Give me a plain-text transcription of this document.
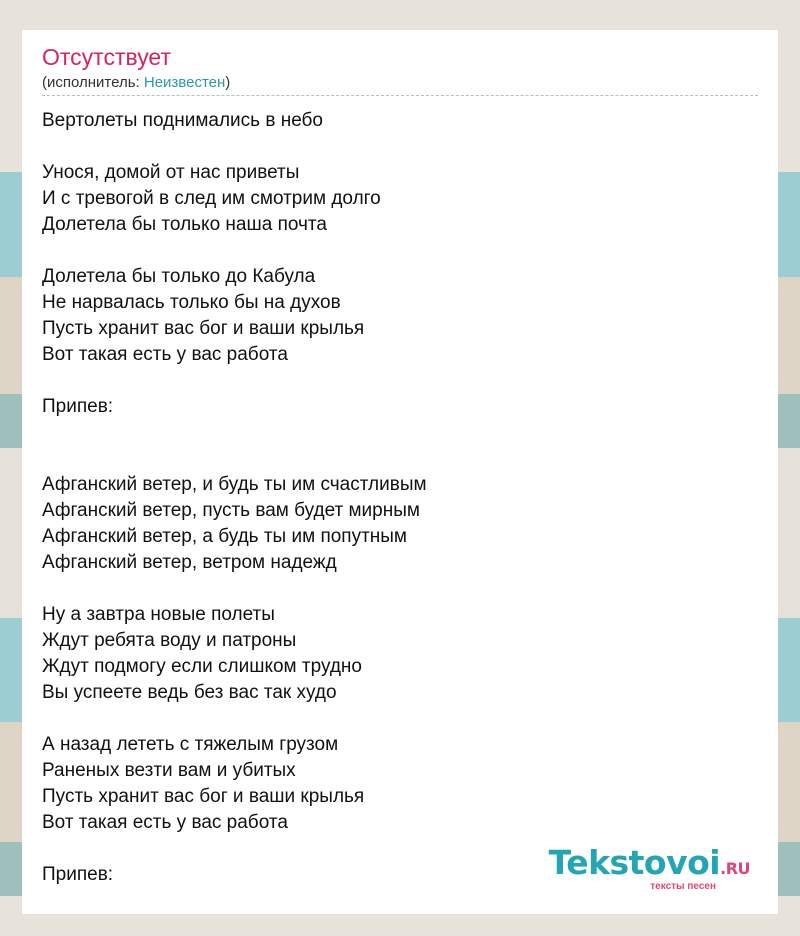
Отсутствует
(исполнитель: Неизвестен)
Вертолеты поднимались в небо
Унося, домой от нас приветы
И с тревогой в след им смотрим долго
Долетела бы только наша почта
Долетела бы только до Кабула
Не нарвалась только бы на духов
Пусть хранит вас бог и ваши крылья
Вот такая есть у вас работа
Припев:
Афганский ветер, и будь ты им счастливым
Афганский ветер, пусть вам будет мирным
Афганский ветер, а будь ты им попутным
Афганский ветер, ветром надежд
Ну а завтра новые полеты
Ждут ребята воду и патроны
Ждут подмогу если слишком трудно
Вы успеете ведь без вас так худо
А назад лететь с тяжелым грузом
Раненых везти вам и убитых
Пусть хранит вас бог и ваши крылья
Вот такая есть у вас работа
Припев:	Tekstovoi.RU
тексты песен
